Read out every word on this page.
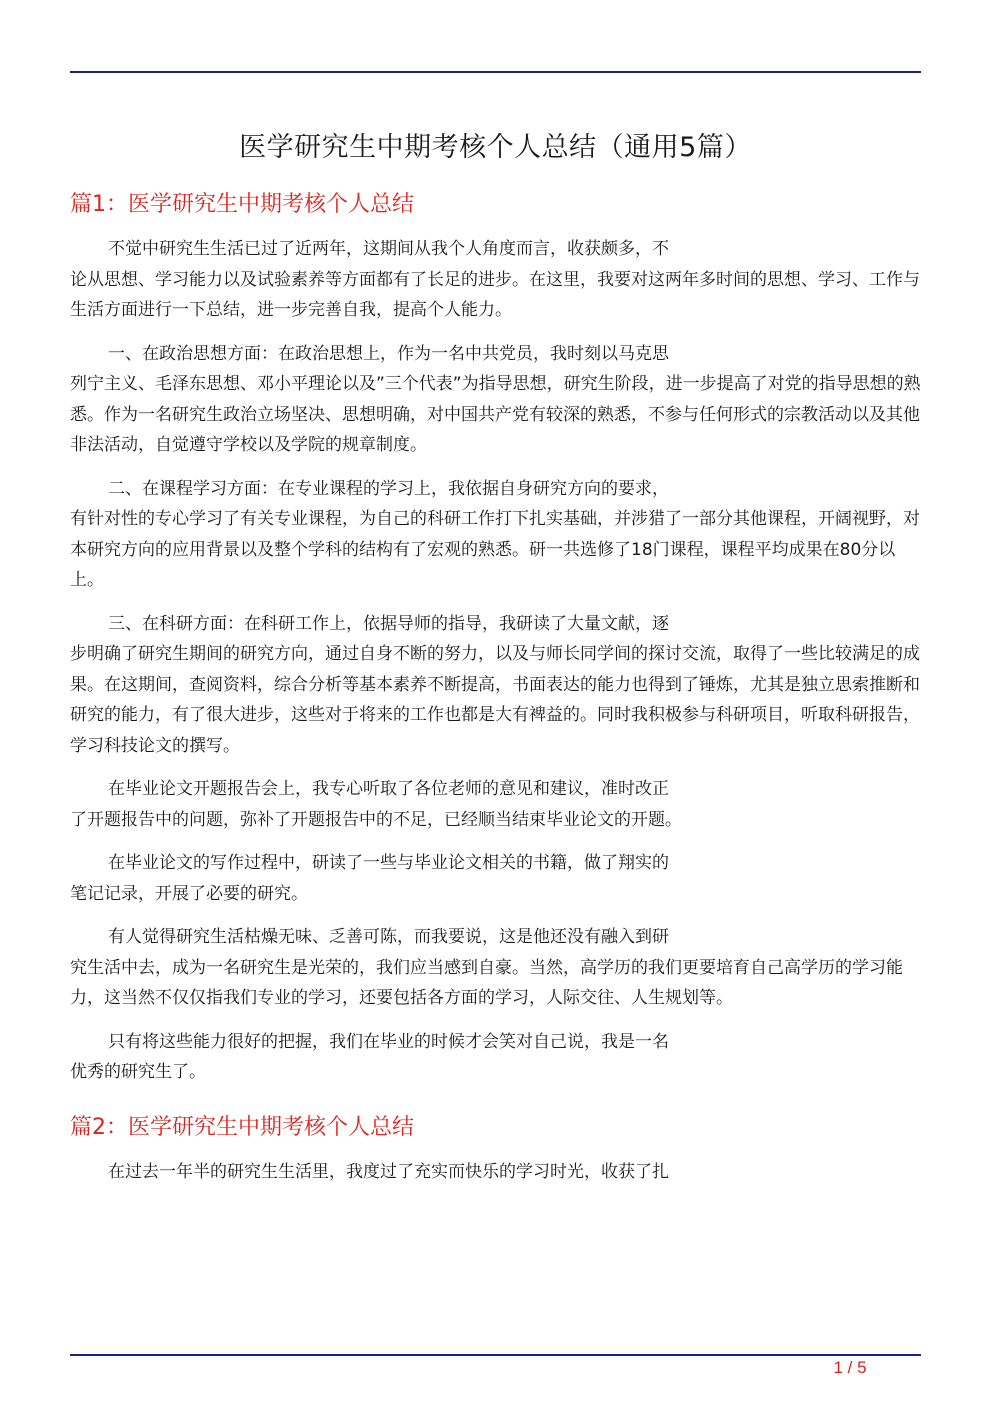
医学研究生中期考核个人总结（通用5篇）
篇1：医学研究生中期考核个人总结

不觉中研究生生活已过了近两年，这期间从我个人角度而言，收获颇多，不
论从思想、学习能力以及试验素养等方面都有了长足的进步。在这里，我要对这两年多时间的思想、学习、工作与生活方面进行一下总结，进一步完善自我，提高个人能力。

一、在政治思想方面：在政治思想上，作为一名中共党员，我时刻以马克思
列宁主义、毛泽东思想、邓小平理论以及”三个代表”为指导思想，研究生阶段，进一步提高了对党的指导思想的熟悉。作为一名研究生政治立场坚决、思想明确，对中国共产党有较深的熟悉，不参与任何形式的宗教活动以及其他非法活动，自觉遵守学校以及学院的规章制度。

二、在课程学习方面：在专业课程的学习上，我依据自身研究方向的要求，
有针对性的专心学习了有关专业课程，为自己的科研工作打下扎实基础，并涉猎了一部分其他课程，开阔视野，对本研究方向的应用背景以及整个学科的结构有了宏观的熟悉。研一共选修了18门课程，课程平均成果在80分以上。

三、在科研方面：在科研工作上，依据导师的指导，我研读了大量文献，逐
步明确了研究生期间的研究方向，通过自身不断的努力，以及与师长同学间的探讨交流，取得了一些比较满足的成果。在这期间，查阅资料，综合分析等基本素养不断提高，书面表达的能力也得到了锤炼，尤其是独立思索推断和研究的能力，有了很大进步，这些对于将来的工作也都是大有裨益的。同时我积极参与科研项目，听取科研报告，学习科技论文的撰写。

在毕业论文开题报告会上，我专心听取了各位老师的意见和建议，准时改正
了开题报告中的问题，弥补了开题报告中的不足，已经顺当结束毕业论文的开题。

在毕业论文的写作过程中，研读了一些与毕业论文相关的书籍，做了翔实的
笔记记录，开展了必要的研究。

有人觉得研究生活枯燥无味、乏善可陈，而我要说，这是他还没有融入到研
究生活中去，成为一名研究生是光荣的，我们应当感到自豪。当然，高学历的我们更要培育自己高学历的学习能力，这当然不仅仅指我们专业的学习，还要包括各方面的学习，人际交往、人生规划等。

只有将这些能力很好的把握，我们在毕业的时候才会笑对自己说，我是一名
优秀的研究生了。

篇2：医学研究生中期考核个人总结

在过去一年半的研究生生活里，我度过了充实而快乐的学习时光，收获了扎

1 / 5
